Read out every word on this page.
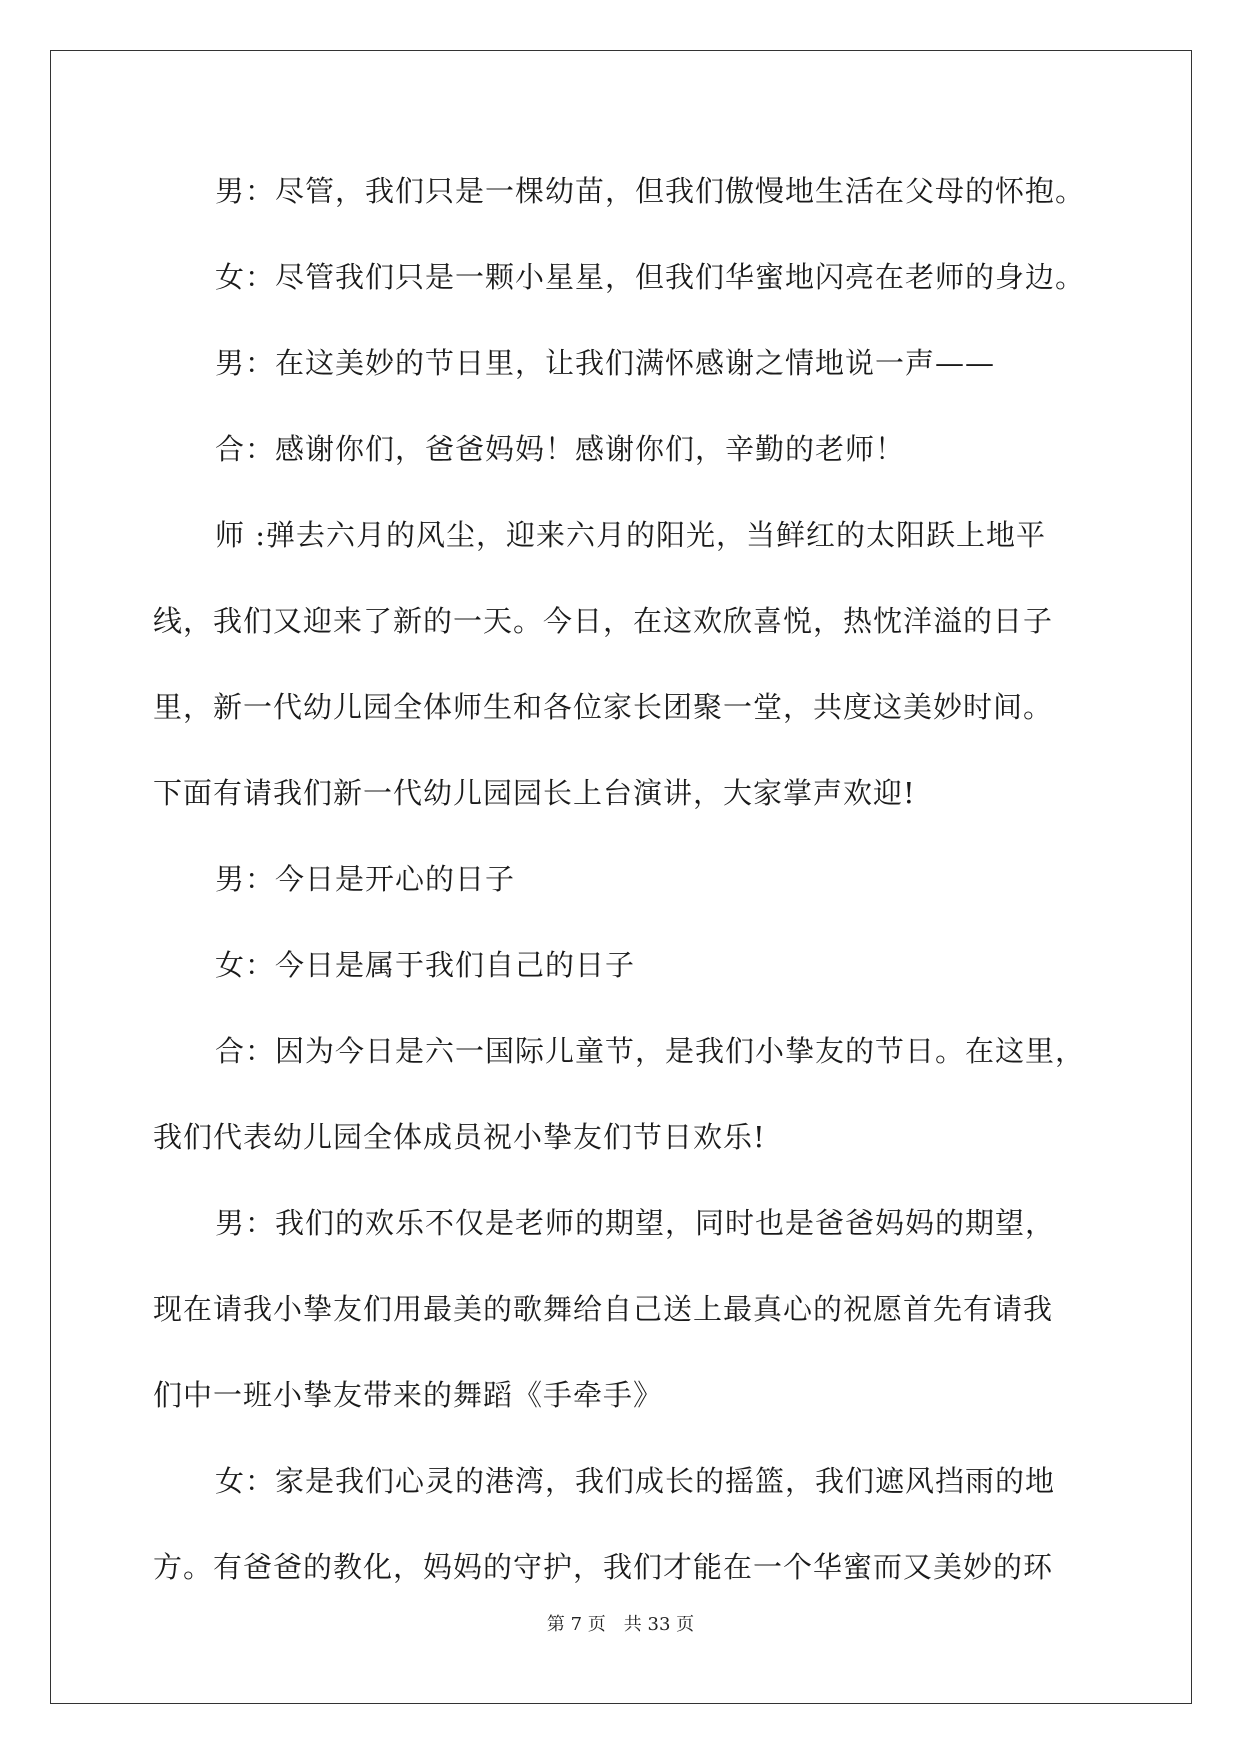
男：尽管，我们只是一棵幼苗，但我们傲慢地生活在父母的怀抱。
女：尽管我们只是一颗小星星，但我们华蜜地闪亮在老师的身边。
男：在这美妙的节日里，让我们满怀感谢之情地说一声——
合：感谢你们，爸爸妈妈！感谢你们，辛勤的老师！
师 :弹去六月的风尘，迎来六月的阳光，当鲜红的太阳跃上地平
线，我们又迎来了新的一天。今日，在这欢欣喜悦，热忱洋溢的日子
里，新一代幼儿园全体师生和各位家长团聚一堂，共度这美妙时间。
下面有请我们新一代幼儿园园长上台演讲，大家掌声欢迎!
男：今日是开心的日子
女：今日是属于我们自己的日子
合：因为今日是六一国际儿童节，是我们小挚友的节日。在这里，
我们代表幼儿园全体成员祝小挚友们节日欢乐!
男：我们的欢乐不仅是老师的期望，同时也是爸爸妈妈的期望，
现在请我小挚友们用最美的歌舞给自己送上最真心的祝愿首先有请我
们中一班小挚友带来的舞蹈《手牵手》
女：家是我们心灵的港湾，我们成长的摇篮，我们遮风挡雨的地
方。有爸爸的教化，妈妈的守护，我们才能在一个华蜜而又美妙的环
第 7 页　共 33 页
